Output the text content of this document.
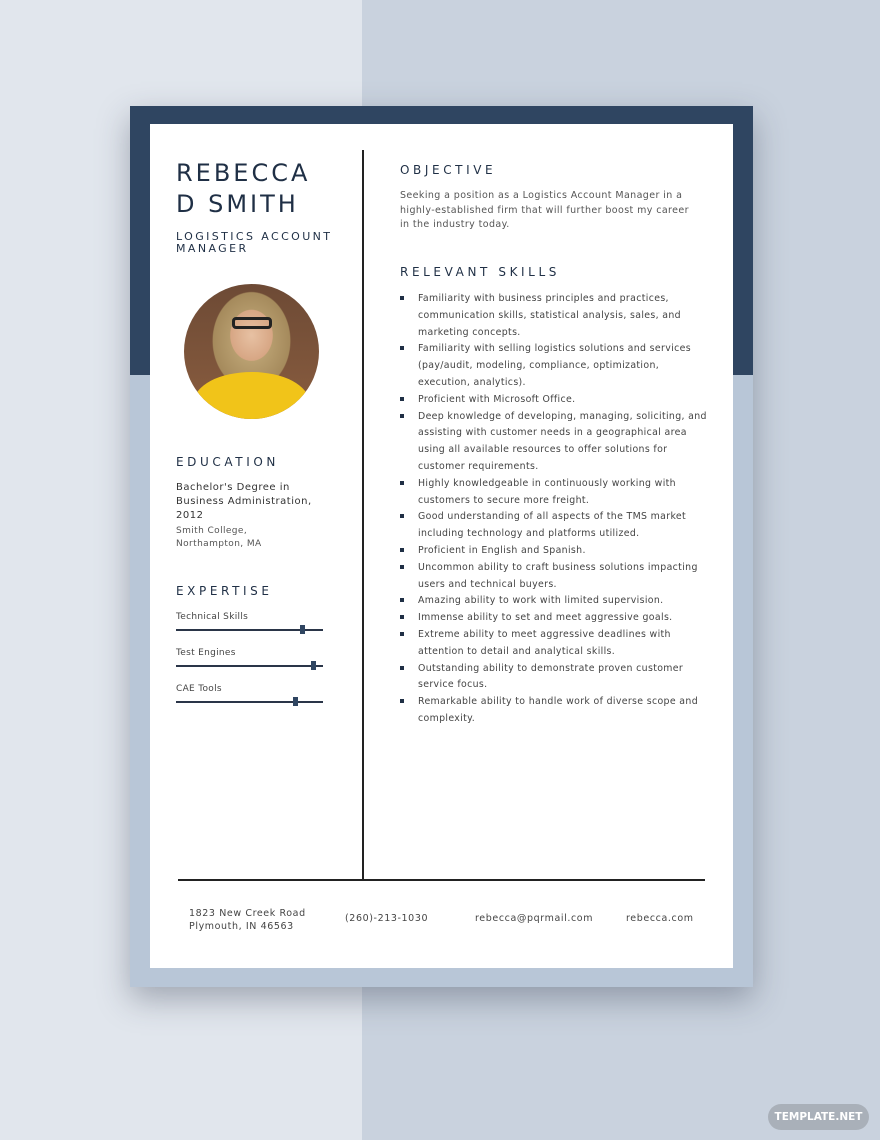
REBECCA
D SMITH
LOGISTICS ACCOUNT
MANAGER
EDUCATION
Bachelor's Degree in Business Administration, 2012
Smith College,
Northampton, MA
EXPERTISE
Technical Skills
Test Engines
CAE Tools
OBJECTIVE
Seeking a position as a Logistics Account Manager in a highly-established firm that will further boost my career in the industry today.
RELEVANT SKILLS
Familiarity with business principles and practices, communication skills, statistical analysis, sales, and marketing concepts.
Familiarity with selling logistics solutions and services (pay/audit, modeling, compliance, optimization, execution, analytics).
Proficient with Microsoft Office.
Deep knowledge of developing, managing, soliciting, and assisting with customer needs in a geographical area using all available resources to offer solutions for customer requirements.
Highly knowledgeable in continuously working with customers to secure more freight.
Good understanding of all aspects of the TMS market including technology and platforms utilized.
Proficient in English and Spanish.
Uncommon ability to craft business solutions impacting users and technical buyers.
Amazing ability to work with limited supervision.
Immense ability to set and meet aggressive goals.
Extreme ability to meet aggressive deadlines with attention to detail and analytical skills.
Outstanding ability to demonstrate proven customer service focus.
Remarkable ability to handle work of diverse scope and complexity.
1823 New Creek Road
Plymouth, IN 46563
(260)-213-1030	rebecca@pqrmail.com	rebecca.com
TEMPLATE.NET
